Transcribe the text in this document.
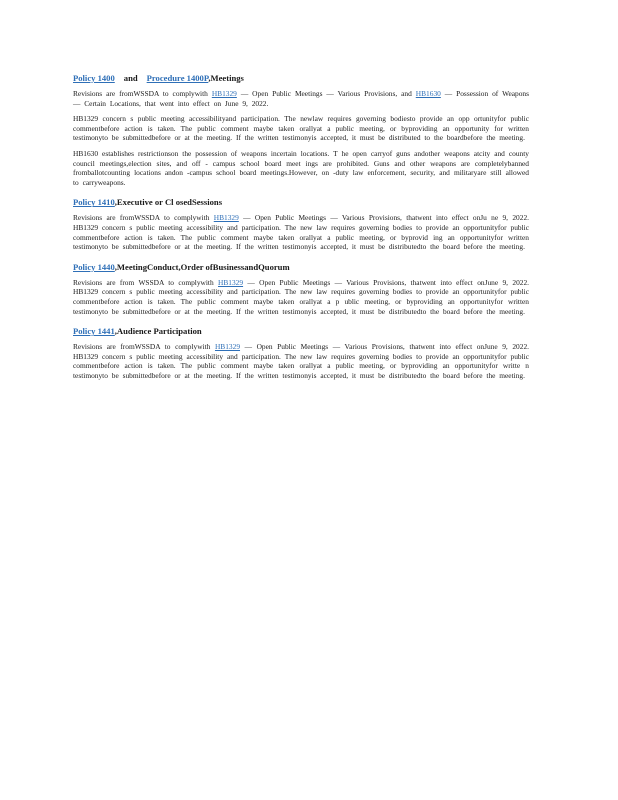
Policy 1400 and Procedure 1400P,Meetings

Revisions are fromWSSDA to complywith HB1329 — Open Public Meetings — Various Provisions, and HB1630 — Possession of Weapons — Certain Locations, that went into effect on June 9, 2022.

HB1329 concern s public meeting accessibilityand participation. The newlaw requires governing bodiesto provide an opp ortunityfor public commentbefore action is taken. The public comment maybe taken orallyat a public meeting, or byproviding an opportunity for written testimonyto be submittedbefore or at the meeting. If the written testimonyis accepted, it must be distributed to the boardbefore the meeting.

HB1630 establishes restrictionson the possession of weapons incertain locations. T he open carryof guns andother weapons atcity and county council meetings,election sites, and off - campus school board meet ings are prohibited. Guns and other weapons are completelybanned fromballotcounting locations andon -campus school board meetings.However, on -duty law enforcement, security, and militaryare still allowed to carryweapons.

Policy 1410,Executive or Cl osedSessions

Revisions are fromWSSDA to complywith HB1329 — Open Public Meetings — Various Provisions, thatwent into effect onJu ne 9, 2022. HB1329 concern s public meeting accessibility and participation. The new law requires governing bodies to provide an opportunityfor public commentbefore action is taken. The public comment maybe taken orallyat a public meeting, or byprovid ing an opportunityfor written testimonyto be submittedbefore or at the meeting. If the written testimonyis accepted, it must be distributedto the board before the meeting.

Policy 1440,MeetingConduct,Order ofBusinessandQuorum

Revisions are from WSSDA to complywith HB1329 — Open Public Meetings — Various Provisions, thatwent into effect onJune 9, 2022. HB1329 concern s public meeting accessibility and participation. The new law requires governing bodies to provide an opportunityfor public commentbefore action is taken. The public comment maybe taken orallyat a p ublic meeting, or byproviding an opportunityfor written testimonyto be submittedbefore or at the meeting. If the written testimonyis accepted, it must be distributedto the board before the meeting.

Policy 1441,Audience Participation

Revisions are fromWSSDA to complywith HB1329 — Open Public Meetings — Various Provisions, thatwent into effect onJune 9, 2022. HB1329 concern s public meeting accessibility and participation. The new law requires governing bodies to provide an opportunityfor public commentbefore action is taken. The public comment maybe taken orallyat a public meeting, or byproviding an opportunityfor writte n testimonyto be submittedbefore or at the meeting. If the written testimonyis accepted, it must be distributedto the board before the meeting.
